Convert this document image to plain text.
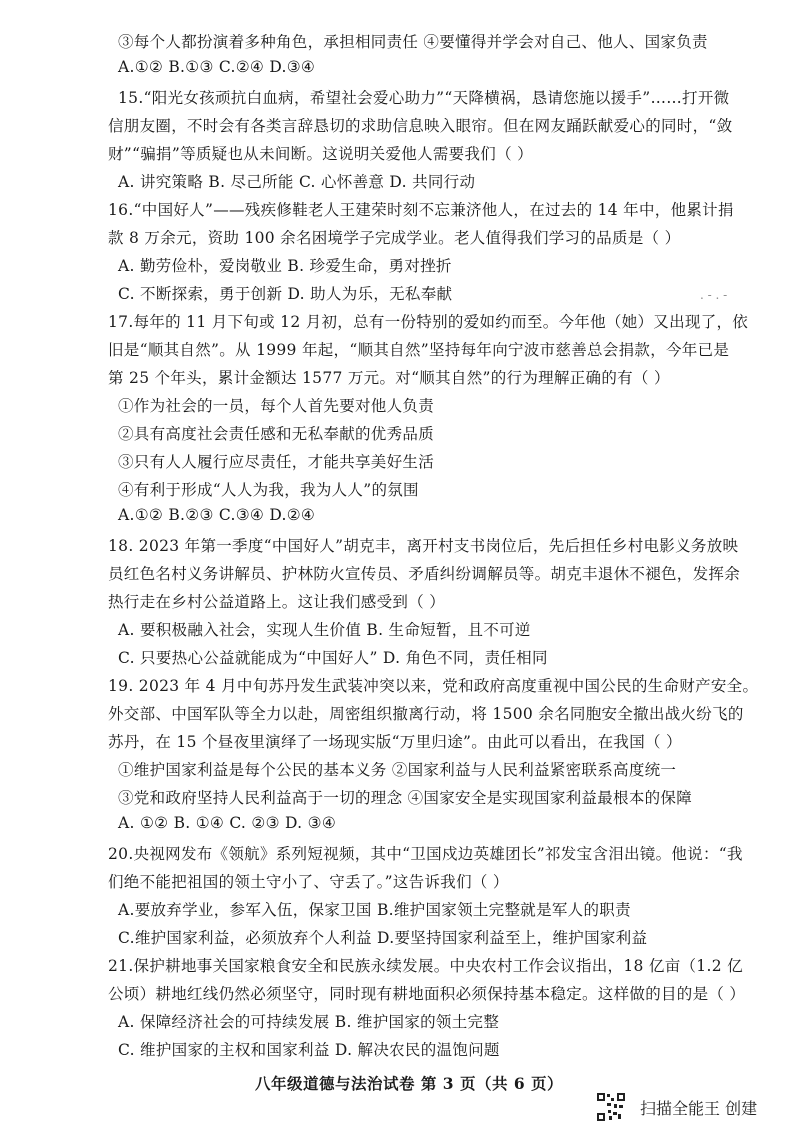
③每个人都扮演着多种角色，承担相同责任 ④要懂得并学会对自己、他人、国家负责
A.①② B.①③ C.②④ D.③④
15.“阳光女孩顽抗白血病，希望社会爱心助力”“天降横祸，恳请您施以援手”……打开微
信朋友圈，不时会有各类言辞恳切的求助信息映入眼帘。但在网友踊跃献爱心的同时，“敛
财”“骗捐”等质疑也从未间断。这说明关爱他人需要我们（ ）
A. 讲究策略 B. 尽己所能 C. 心怀善意 D. 共同行动
16.“中国好人”——残疾修鞋老人王建荣时刻不忘兼济他人，在过去的 14 年中，他累计捐
款 8 万余元，资助 100 余名困境学子完成学业。老人值得我们学习的品质是（ ）
A. 勤劳俭朴，爱岗敬业 B. 珍爱生命，勇对挫折
C. 不断探索，勇于创新 D. 助人为乐，无私奉献
17.每年的 11 月下旬或 12 月初，总有一份特别的爱如约而至。今年他（她）又出现了，依
旧是“顺其自然”。从 1999 年起，“顺其自然”坚持每年向宁波市慈善总会捐款，今年已是
第 25 个年头，累计金额达 1577 万元。对“顺其自然”的行为理解正确的有（ ）
①作为社会的一员，每个人首先要对他人负责
②具有高度社会责任感和无私奉献的优秀品质
③只有人人履行应尽责任，才能共享美好生活
④有利于形成“人人为我，我为人人”的氛围
A.①② B.②③ C.③④ D.②④
18. 2023 年第一季度“中国好人”胡克丰，离开村支书岗位后，先后担任乡村电影义务放映
员红色名村义务讲解员、护林防火宣传员、矛盾纠纷调解员等。胡克丰退休不褪色，发挥余
热行走在乡村公益道路上。这让我们感受到（ ）
A. 要积极融入社会，实现人生价值 B. 生命短暂，且不可逆
C. 只要热心公益就能成为“中国好人” D. 角色不同，责任相同
19. 2023 年 4 月中旬苏丹发生武装冲突以来，党和政府高度重视中国公民的生命财产安全。
外交部、中国军队等全力以赴，周密组织撤离行动，将 1500 余名同胞安全撤出战火纷飞的
苏丹，在 15 个昼夜里演绎了一场现实版“万里归途”。由此可以看出，在我国（ ）
①维护国家利益是每个公民的基本义务 ②国家利益与人民利益紧密联系高度统一
③党和政府坚持人民利益高于一切的理念 ④国家安全是实现国家利益最根本的保障
A. ①② B. ①④ C. ②③ D. ③④
20.央视网发布《领航》系列短视频，其中“卫国戍边英雄团长”祁发宝含泪出镜。他说：“我
们绝不能把祖国的领土守小了、守丢了。”这告诉我们（ ）
A.要放弃学业，参军入伍，保家卫国 B.维护国家领土完整就是军人的职责
C.维护国家利益，必须放弃个人利益 D.要坚持国家利益至上，维护国家利益
21.保护耕地事关国家粮食安全和民族永续发展。中央农村工作会议指出，18 亿亩（1.2 亿
公顷）耕地红线仍然必须坚守，同时现有耕地面积必须保持基本稳定。这样做的目的是（ ）
A. 保障经济社会的可持续发展 B. 维护国家的领土完整
C. 维护国家的主权和国家利益 D. 解决农民的温饱问题
八年级道德与法治试卷 第 3 页（共 6 页）
扫描全能王 创建
. - . -
